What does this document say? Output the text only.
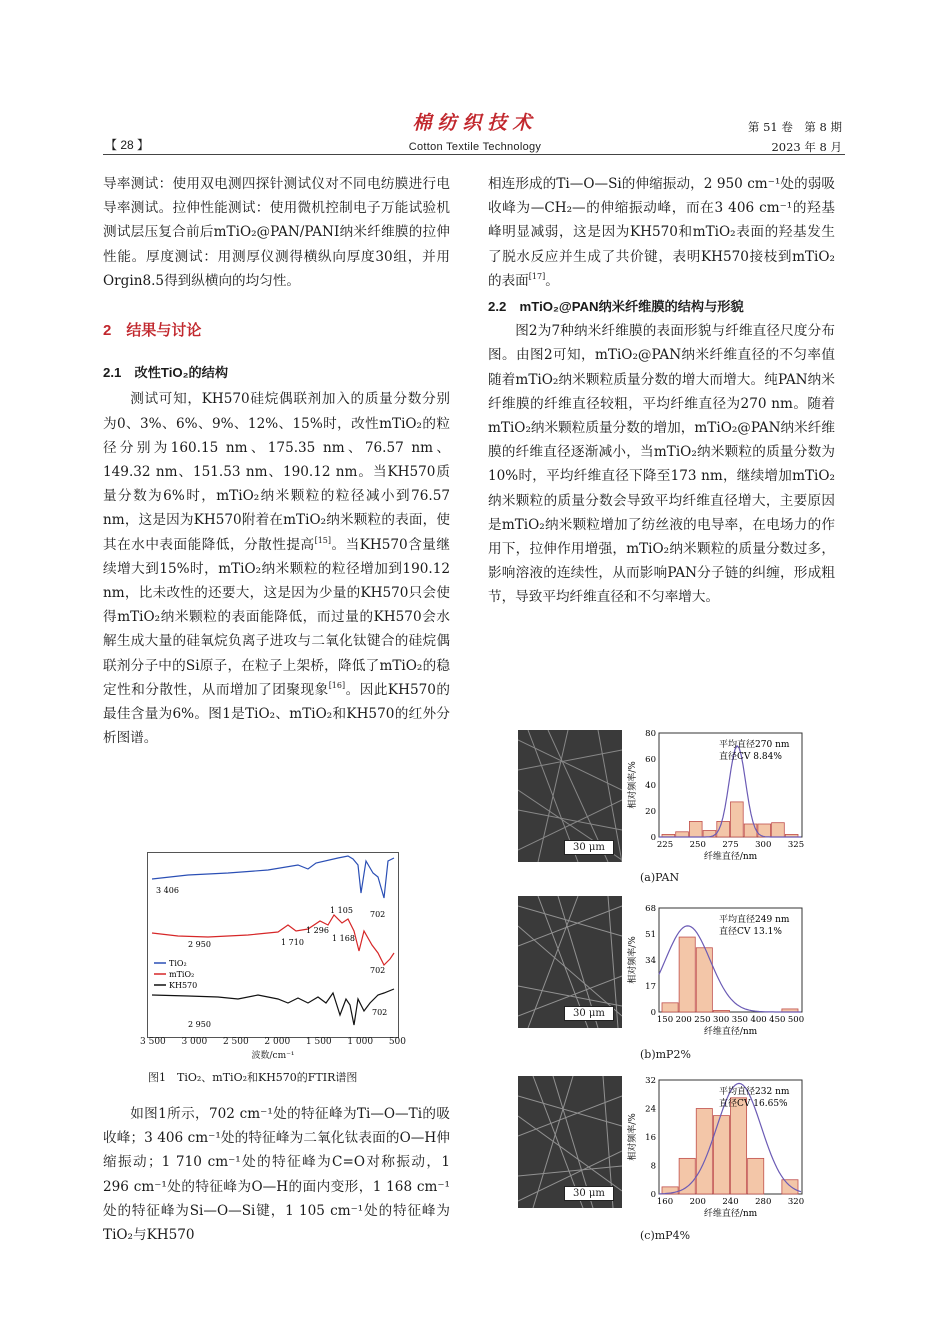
棉纺织技术
Cotton Textile Technology
【 28 】
第 51 卷　第 8 期
2023 年 8 月

导率测试：使用双电测四探针测试仪对不同电纺膜进行电导率测试。拉伸性能测试：使用微机控制电子万能试验机测试层压复合前后mTiO₂@PAN/PANI纳米纤维膜的拉伸性能。厚度测试：用测厚仪测得横纵向厚度30组，并用Orgin8.5得到纵横向的均匀性。

2　结果与讨论

2.1　改性TiO₂的结构

测试可知，KH570硅烷偶联剂加入的质量分数分别为0、3%、6%、9%、12%、15%时，改性mTiO₂的粒径分别为160.15 nm、175.35 nm、76.57 nm、149.32 nm、151.53 nm、190.12 nm。当KH570质量分数为6%时，mTiO₂纳米颗粒的粒径减小到76.57 nm，这是因为KH570附着在mTiO₂纳米颗粒的表面，使其在水中表面能降低，分散性提高[15]。当KH570含量继续增大到15%时，mTiO₂纳米颗粒的粒径增加到190.12 nm，比未改性的还要大，这是因为少量的KH570只会使得mTiO₂纳米颗粒的表面能降低，而过量的KH570会水解生成大量的硅氧烷负离子进攻与二氧化钛键合的硅烷偶联剂分子中的Si原子，在粒子上架桥，降低了mTiO₂的稳定性和分散性，从而增加了团聚现象[16]。因此KH570的最佳含量为6%。图1是TiO₂、mTiO₂和KH570的红外分析图谱。

3 406
1 105 702
1 296
1 168
2 950	1 710
702
2 950
702
TiO₂
mTiO₂
KH570
3 500 3 000 2 500 2 000 1 500 1 000 500
波数/cm⁻¹
图1　TiO₂、mTiO₂和KH570的FTIR谱图

如图1所示，702 cm⁻¹处的特征峰为Ti—O—Ti的吸收峰；3 406 cm⁻¹处的特征峰为二氧化钛表面的O—H伸缩振动；1 710 cm⁻¹处的特征峰为C=O对称振动，1 296 cm⁻¹处的特征峰为O—H的面内变形，1 168 cm⁻¹处的特征峰为Si—O—Si键，1 105 cm⁻¹处的特征峰为TiO₂与KH570

相连形成的Ti—O—Si的伸缩振动，2 950 cm⁻¹处的弱吸收峰为—CH₂—的伸缩振动峰，而在3 406 cm⁻¹的羟基峰明显减弱，这是因为KH570和mTiO₂表面的羟基发生了脱水反应并生成了共价键，表明KH570接枝到mTiO₂的表面[17]。

2.2　mTiO₂@PAN纳米纤维膜的结构与形貌

图2为7种纳米纤维膜的表面形貌与纤维直径尺度分布图。由图2可知，mTiO₂@PAN纳米纤维直径的不匀率值随着mTiO₂纳米颗粒质量分数的增大而增大。纯PAN纳米纤维膜的纤维直径较粗，平均纤维直径为270 nm。随着mTiO₂纳米颗粒质量分数的增加，mTiO₂@PAN纳米纤维膜的纤维直径逐渐减小，当mTiO₂纳米颗粒的质量分数为10%时，平均纤维直径下降至173 nm，继续增加mTiO₂纳米颗粒的质量分数会导致平均纤维直径增大，主要原因是mTiO₂纳米颗粒增加了纺丝液的电导率，在电场力的作用下，拉伸作用增强，mTiO₂纳米颗粒的质量分数过多，影响溶液的连续性，从而影响PAN分子链的纠缠，形成粗节，导致平均纤维直径和不匀率增大。

30 μm
30 μm
30 μm
0
20
40
60
80
225 250 275 300 325
平均直径270 nm
直径CV 8.84%
纤维直径/nm
相对频率/%
(a)PAN
0
17
34
51
68
150 200 250 300 350 400 450 500
平均直径249 nm
直径CV 13.1%
纤维直径/nm
相对频率/%
(b)mP2%
0
8
16
24
32
160 200 240 280 320
平均直径232 nm
直径CV 16.65%
纤维直径/nm
相对频率/%
(c)mP4%
